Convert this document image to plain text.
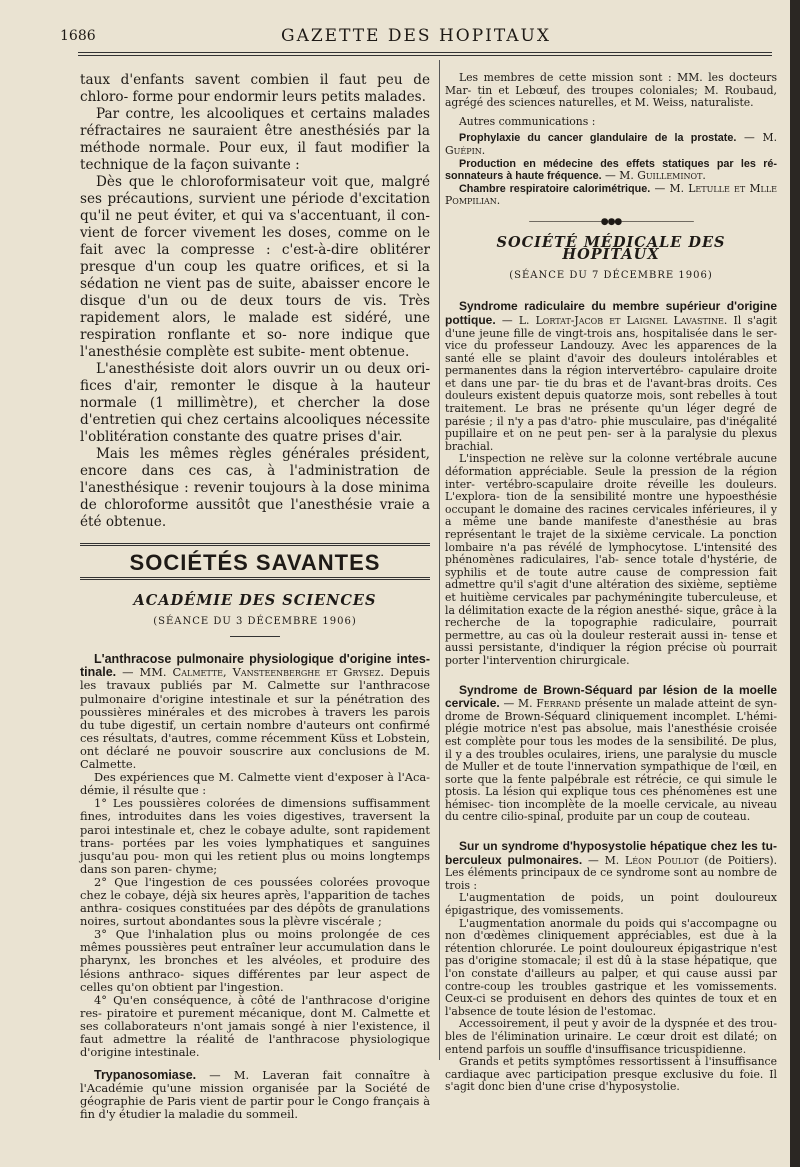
1686	GAZETTE DES HOPITAUX

taux d'enfants savent combien il faut peu de chloro- forme pour endormir leurs petits malades.

Par contre, les alcooliques et certains malades réfractaires ne sauraient être anesthésiés par la méthode normale. Pour eux, il faut modifier la technique de la façon suivante :

Dès que le chloroformisateur voit que, malgré ses précautions, survient une période d'excitation qu'il ne peut éviter, et qui va s'accentuant, il con- vient de forcer vivement les doses, comme on le fait avec la compresse : c'est-à-dire oblitérer presque d'un coup les quatre orifices, et si la sédation ne vient pas de suite, abaisser encore le disque d'un ou de deux tours de vis. Très rapidement alors, le malade est sidéré, une respiration ronflante et so- nore indique que l'anesthésie complète est subite- ment obtenue.

L'anesthésiste doit alors ouvrir un ou deux ori- fices d'air, remonter le disque à la hauteur normale (1 millimètre), et chercher la dose d'entretien qui chez certains alcooliques nécessite l'oblitération constante des quatre prises d'air.

Mais les mêmes règles générales président, encore dans ces cas, à l'administration de l'anesthésique : revenir toujours à la dose minima de chloroforme aussitôt que l'anesthésie vraie a été obtenue.

SOCIÉTÉS SAVANTES
ACADÉMIE DES SCIENCES
(SÉANCE DU 3 DÉCEMBRE 1906)

L'anthracose pulmonaire physiologique d'origine intes- tinale. — MM. Calmette, Vansteenberghe et Grysez. Depuis les travaux publiés par M. Calmette sur l'anthracose pulmonaire d'origine intestinale et sur la pénétration des poussières minérales et des microbes à travers les parois du tube digestif, un certain nombre d'auteurs ont confirmé ces résultats, d'autres, comme récemment Küss et Lobstein, ont déclaré ne pouvoir souscrire aux conclusions de M. Calmette.

Des expériences que M. Calmette vient d'exposer à l'Aca- démie, il résulte que :

1° Les poussières colorées de dimensions suffisamment fines, introduites dans les voies digestives, traversent la paroi intestinale et, chez le cobaye adulte, sont rapidement trans- portées par les voies lymphatiques et sanguines jusqu'au pou- mon qui les retient plus ou moins longtemps dans son paren- chyme;

2° Que l'ingestion de ces poussées colorées provoque chez le cobaye, déjà six heures après, l'apparition de taches anthra- cosiques constituées par des dépôts de granulations noires, surtout abondantes sous la plèvre viscérale ;

3° Que l'inhalation plus ou moins prolongée de ces mêmes poussières peut entraîner leur accumulation dans le pharynx, les bronches et les alvéoles, et produire des lésions anthraco- siques différentes par leur aspect de celles qu'on obtient par l'ingestion.

4° Qu'en conséquence, à côté de l'anthracose d'origine res- piratoire et purement mécanique, dont M. Calmette et ses collaborateurs n'ont jamais songé à nier l'existence, il faut admettre la réalité de l'anthracose physiologique d'origine intestinale.

Trypanosomiase. — M. Laveran fait connaître à l'Académie qu'une mission organisée par la Société de géographie de Paris vient de partir pour le Congo français à fin d'y étudier la maladie du sommeil.

Les membres de cette mission sont : MM. les docteurs Mar- tin et Lebœuf, des troupes coloniales; M. Roubaud, agrégé des sciences naturelles, et M. Weiss, naturaliste.

Autres communications :

Prophylaxie du cancer glandulaire de la prostate. — M. Guépin.

Production en médecine des effets statiques par les ré- sonnateurs à haute fréquence. — M. Guilleminot.

Chambre respiratoire calorimétrique. — M. Letulle et Mlle Pompilian.

—————————●●●—————————
SOCIÉTÉ MÉDICALE DES HOPITAUX
(SÉANCE DU 7 DÉCEMBRE 1906)

Syndrome radiculaire du membre supérieur d'origine pottique. — L. Lortat-Jacob et Laignel Lavastine. Il s'agit d'une jeune fille de vingt-trois ans, hospitalisée dans le ser- vice du professeur Landouzy. Avec les apparences de la santé elle se plaint d'avoir des douleurs intolérables et permanentes dans la région intervertébro- capulaire droite et dans une par- tie du bras et de l'avant-bras droits. Ces douleurs existent depuis quatorze mois, sont rebelles à tout traitement. Le bras ne présente qu'un léger degré de parésie ; il n'y a pas d'atro- phie musculaire, pas d'inégalité pupillaire et on ne peut pen- ser à la paralysie du plexus brachial.

L'inspection ne relève sur la colonne vertébrale aucune déformation appréciable. Seule la pression de la région inter- vertébro-scapulaire droite réveille les douleurs. L'explora- tion de la sensibilité montre une hypoesthésie occupant le domaine des racines cervicales inférieures, il y a même une bande manifeste d'anesthésie au bras représentant le trajet de la sixième cervicale. La ponction lombaire n'a pas révélé de lymphocytose. L'intensité des phénomènes radiculaires, l'ab- sence totale d'hystérie, de syphilis et de toute autre cause de compression fait admettre qu'il s'agit d'une altération des sixième, septième et huitième cervicales par pachyméningite tuberculeuse, et la délimitation exacte de la région anesthé- sique, grâce à la recherche de la topographie radiculaire, pourrait permettre, au cas où la douleur resterait aussi in- tense et aussi persistante, d'indiquer la région précise où pourrait porter l'intervention chirurgicale.

Syndrome de Brown-Séquard par lésion de la moelle cervicale. — M. Ferrand présente un malade atteint de syn- drome de Brown-Séquard cliniquement incomplet. L'hémi- plégie motrice n'est pas absolue, mais l'anesthésie croisée est complète pour tous les modes de la sensibilité. De plus, il y a des troubles oculaires, iriens, une paralysie du muscle de Muller et de toute l'innervation sympathique de l'œil, en sorte que la fente palpébrale est rétrécie, ce qui simule le ptosis. La lésion qui explique tous ces phénomènes est une hémisec- tion incomplète de la moelle cervicale, au niveau du centre cilio-spinal, produite par un coup de couteau.

Sur un syndrome d'hyposystolie hépatique chez les tu- berculeux pulmonaires. — M. Léon Pouliot (de Poitiers). Les éléments principaux de ce syndrome sont au nombre de trois :

L'augmentation de poids, un point douloureux épigastrique, des vomissements.

L'augmentation anormale du poids qui s'accompagne ou non d'œdèmes cliniquement appréciables, est due à la rétention chlorurée. Le point douloureux épigastrique n'est pas d'origine stomacale; il est dû à la stase hépatique, que l'on constate d'ailleurs au palper, et qui cause aussi par contre-coup les troubles gastrique et les vomissements. Ceux-ci se produisent en dehors des quintes de toux et en l'absence de toute lésion de l'estomac.

Accessoirement, il peut y avoir de la dyspnée et des trou- bles de l'élimination urinaire. Le cœur droit est dilaté; on entend parfois un souffle d'insuffisance tricuspidienne.

Grands et petits symptômes ressortissent à l'insuffisance cardiaque avec participation presque exclusive du foie. Il s'agit donc bien d'une crise d'hyposystolie.
